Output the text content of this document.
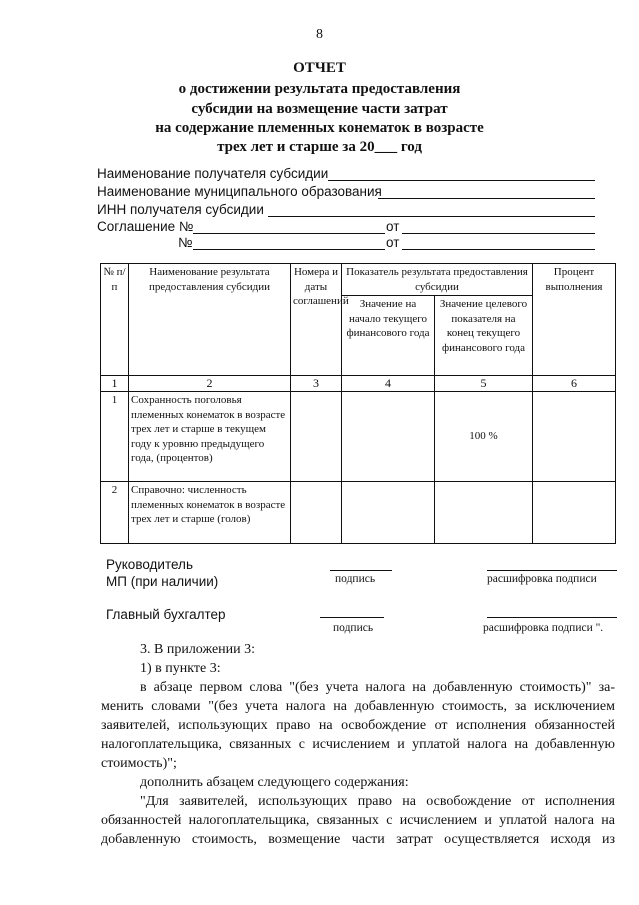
8
ОТЧЕТ
о достижении результата предоставления
субсидии на возмещение части затрат
на содержание племенных конематок в возрасте
трех лет и старше за 20___ год
Наименование получателя субсидии
Наименование муниципального образования
ИНН получателя субсидии
Соглашение №	от
№	от
№ п/п	Наименование результата предоставления субсидии	Номера и даты соглашений	Показатель результата предоставления субсидии		Процент выполнения
			Значение на начало текущего финансового года	Значение целевого показателя на конец текущего финансового года	
1	2	3	4	5	6
1	Сохранность поголовья племенных конематок в возрасте трех лет и старше в текущем году к уровню предыдущего года, (процентов)			100 %	
2	Справочно: численность племенных конематок в возрасте трех лет и старше (голов)				
Руководитель
МП (при наличии)	подпись	расшифровка подписи
Главный бухгалтер
подпись	расшифровка подписи ".
3. В приложении 3:
1) в пункте 3:
в абзаце первом слова "(без учета налога на добавленную стоимость)" за-
менить словами "(без учета налога на добавленную стоимость, за исключением
заявителей, использующих право на освобождение от исполнения обязанностей
налогоплательщика, связанных с исчислением и уплатой налога на добавленную
стоимость)";
дополнить абзацем следующего содержания:
"Для заявителей, использующих право на освобождение от исполнения
обязанностей налогоплательщика, связанных с исчислением и уплатой налога на
добавленную стоимость, возмещение части затрат осуществляется исходя из
